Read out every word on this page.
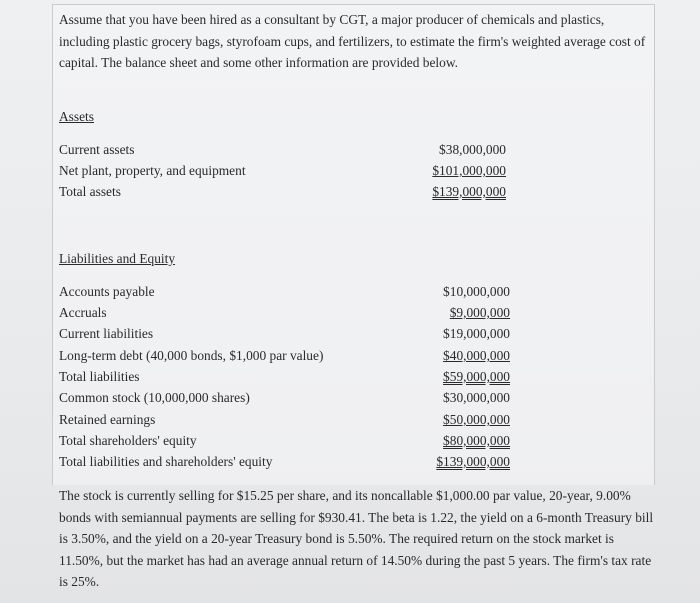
Assume that you have been hired as a consultant by CGT, a major producer of chemicals and plastics, including plastic grocery bags, styrofoam cups, and fertilizers, to estimate the firm's weighted average cost of capital. The balance sheet and some other information are provided below.
Assets
Current assets	$38,000,000
Net plant, property, and equipment	$101,000,000
Total assets	$139,000,000
Liabilities and Equity
Accounts payable	$10,000,000
Accruals	$9,000,000
Current liabilities	$19,000,000
Long-term debt (40,000 bonds, $1,000 par value)	$40,000,000
Total liabilities	$59,000,000
Common stock (10,000,000 shares)	$30,000,000
Retained earnings	$50,000,000
Total shareholders' equity	$80,000,000
Total liabilities and shareholders' equity	$139,000,000
The stock is currently selling for $15.25 per share, and its noncallable $1,000.00 par value, 20-year, 9.00% bonds with semiannual payments are selling for $930.41. The beta is 1.22, the yield on a 6-month Treasury bill is 3.50%, and the yield on a 20-year Treasury bond is 5.50%. The required return on the stock market is 11.50%, but the market has had an average annual return of 14.50% during the past 5 years. The firm's tax rate is 25%.
